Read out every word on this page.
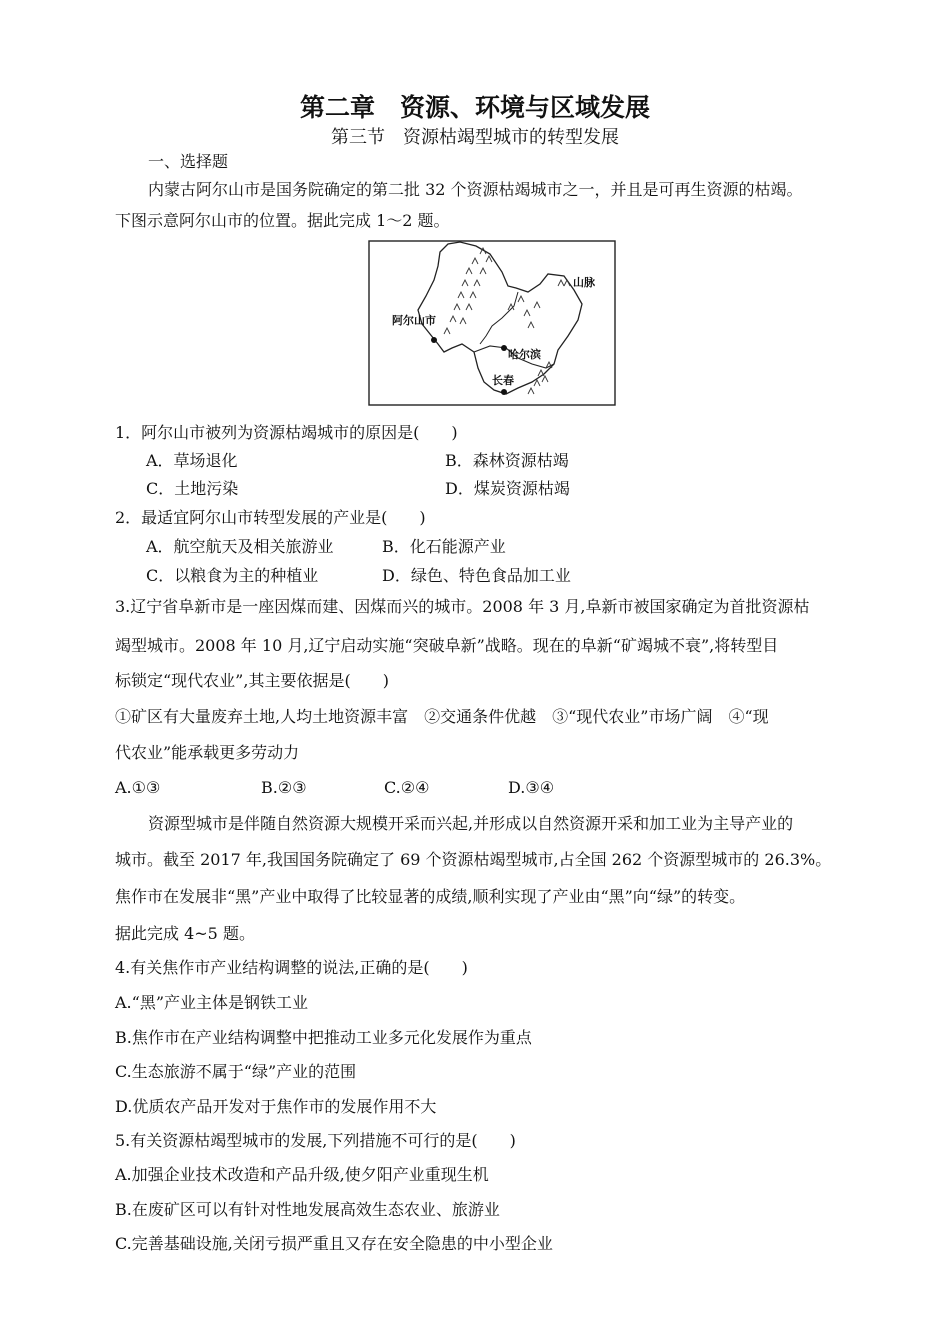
第二章　资源、环境与区域发展
第三节　资源枯竭型城市的转型发展
一、选择题
内蒙古阿尔山市是国务院确定的第二批 32 个资源枯竭城市之一，并且是可再生资源的枯竭。
下图示意阿尔山市的位置。据此完成 1～2 题。
山脉
阿尔山市
哈尔滨
长春
1．阿尔山市被列为资源枯竭城市的原因是(　　)
A．草场退化	B．森林资源枯竭
C．土地污染	D．煤炭资源枯竭
2．最适宜阿尔山市转型发展的产业是(　　)
A．航空航天及相关旅游业	B．化石能源产业
C．以粮食为主的种植业	D．绿色、特色食品加工业
3.辽宁省阜新市是一座因煤而建、因煤而兴的城市。2008 年 3 月,阜新市被国家确定为首批资源枯
竭型城市。2008 年 10 月,辽宁启动实施“突破阜新”战略。现在的阜新“矿竭城不衰”,将转型目
标锁定“现代农业”,其主要依据是(　　)
①矿区有大量废弃土地,人均土地资源丰富　②交通条件优越　③“现代农业”市场广阔　④“现
代农业”能承载更多劳动力
A.①③	B.②③	C.②④	D.③④
资源型城市是伴随自然资源大规模开采而兴起,并形成以自然资源开采和加工业为主导产业的
城市。截至 2017 年,我国国务院确定了 69 个资源枯竭型城市,占全国 262 个资源型城市的 26.3%。
焦作市在发展非“黑”产业中取得了比较显著的成绩,顺利实现了产业由“黑”向“绿”的转变。
据此完成 4~5 题。
4.有关焦作市产业结构调整的说法,正确的是(　　)
A.“黑”产业主体是钢铁工业
B.焦作市在产业结构调整中把推动工业多元化发展作为重点
C.生态旅游不属于“绿”产业的范围
D.优质农产品开发对于焦作市的发展作用不大
5.有关资源枯竭型城市的发展,下列措施不可行的是(　　)
A.加强企业技术改造和产品升级,使夕阳产业重现生机
B.在废矿区可以有针对性地发展高效生态农业、旅游业
C.完善基础设施,关闭亏损严重且又存在安全隐患的中小型企业
